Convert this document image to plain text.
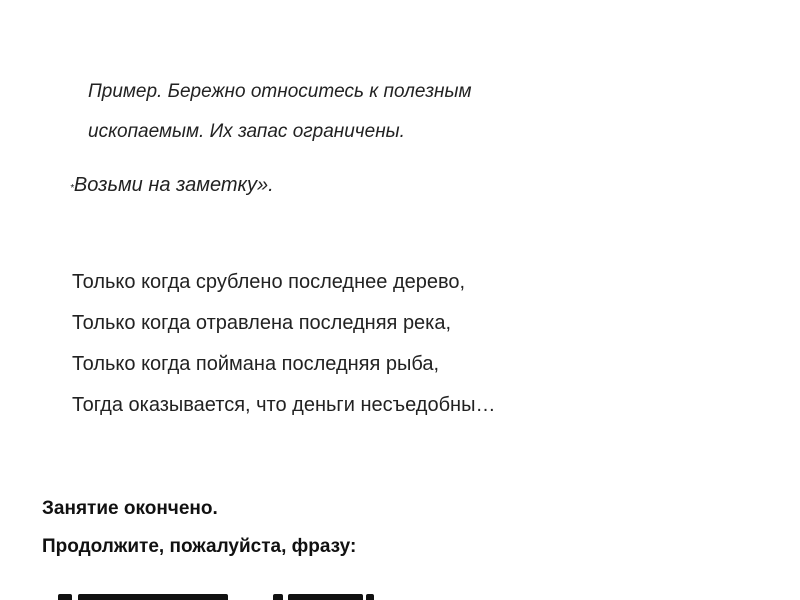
Пример. Бережно относитесь к полезным
ископаемым. Их запас ограничены.
*Возьми на заметку».
Только когда срублено последнее дерево,
Только когда отравлена последняя река,
Только когда поймана последняя рыба,
Тогда оказывается, что деньги несъедобны…
Занятие окончено.
Продолжите, пожалуйста, фразу:
